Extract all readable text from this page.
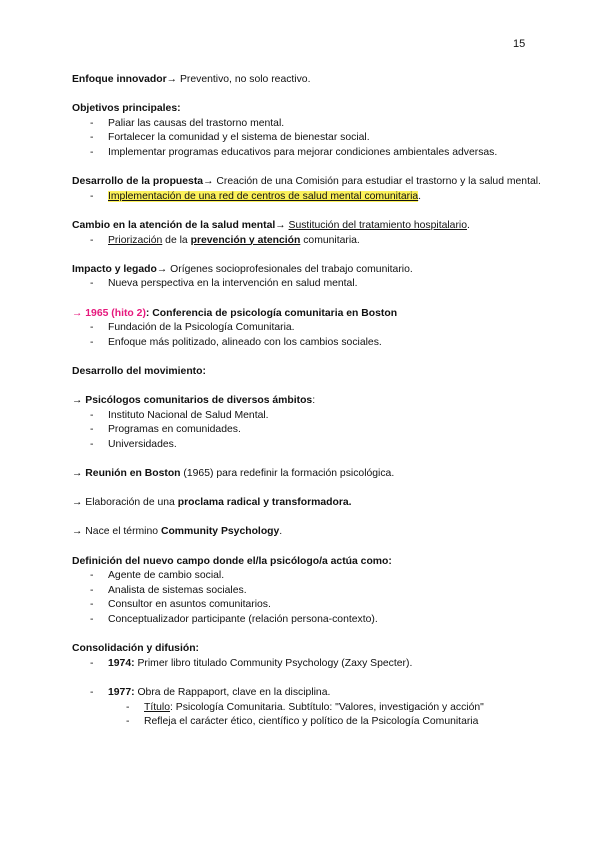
15

Enfoque innovador→ Preventivo, no solo reactivo.

Objetivos principales:

- Paliar las causas del trastorno mental.
- Fortalecer la comunidad y el sistema de bienestar social.
- Implementar programas educativos para mejorar condiciones ambientales adversas.

Desarrollo de la propuesta→ Creación de una Comisión para estudiar el trastorno y la salud mental.

- Implementación de una red de centros de salud mental comunitaria.

Cambio en la atención de la salud mental→ Sustitución del tratamiento hospitalario.

- Priorización de la prevención y atención comunitaria.

Impacto y legado→ Orígenes socioprofesionales del trabajo comunitario.

- Nueva perspectiva en la intervención en salud mental.

→ 1965 (hito 2): Conferencia de psicología comunitaria en Boston

- Fundación de la Psicología Comunitaria.
- Enfoque más politizado, alineado con los cambios sociales.

Desarrollo del movimiento:

→ Psicólogos comunitarios de diversos ámbitos:

- Instituto Nacional de Salud Mental.
- Programas en comunidades.
- Universidades.

→ Reunión en Boston (1965) para redefinir la formación psicológica.

→ Elaboración de una proclama radical y transformadora.

→ Nace el término Community Psychology.

Definición del nuevo campo donde el/la psicólogo/a actúa como:

- Agente de cambio social.
- Analista de sistemas sociales.
- Consultor en asuntos comunitarios.
- Conceptualizador participante (relación persona-contexto).

Consolidación y difusión:

- 1974: Primer libro titulado Community Psychology (Zaxy Specter).
- 1977: Obra de Rappaport, clave en la disciplina.
- Título: Psicología Comunitaria. Subtítulo: "Valores, investigación y acción"
- Refleja el carácter ético, científico y político de la Psicología Comunitaria
